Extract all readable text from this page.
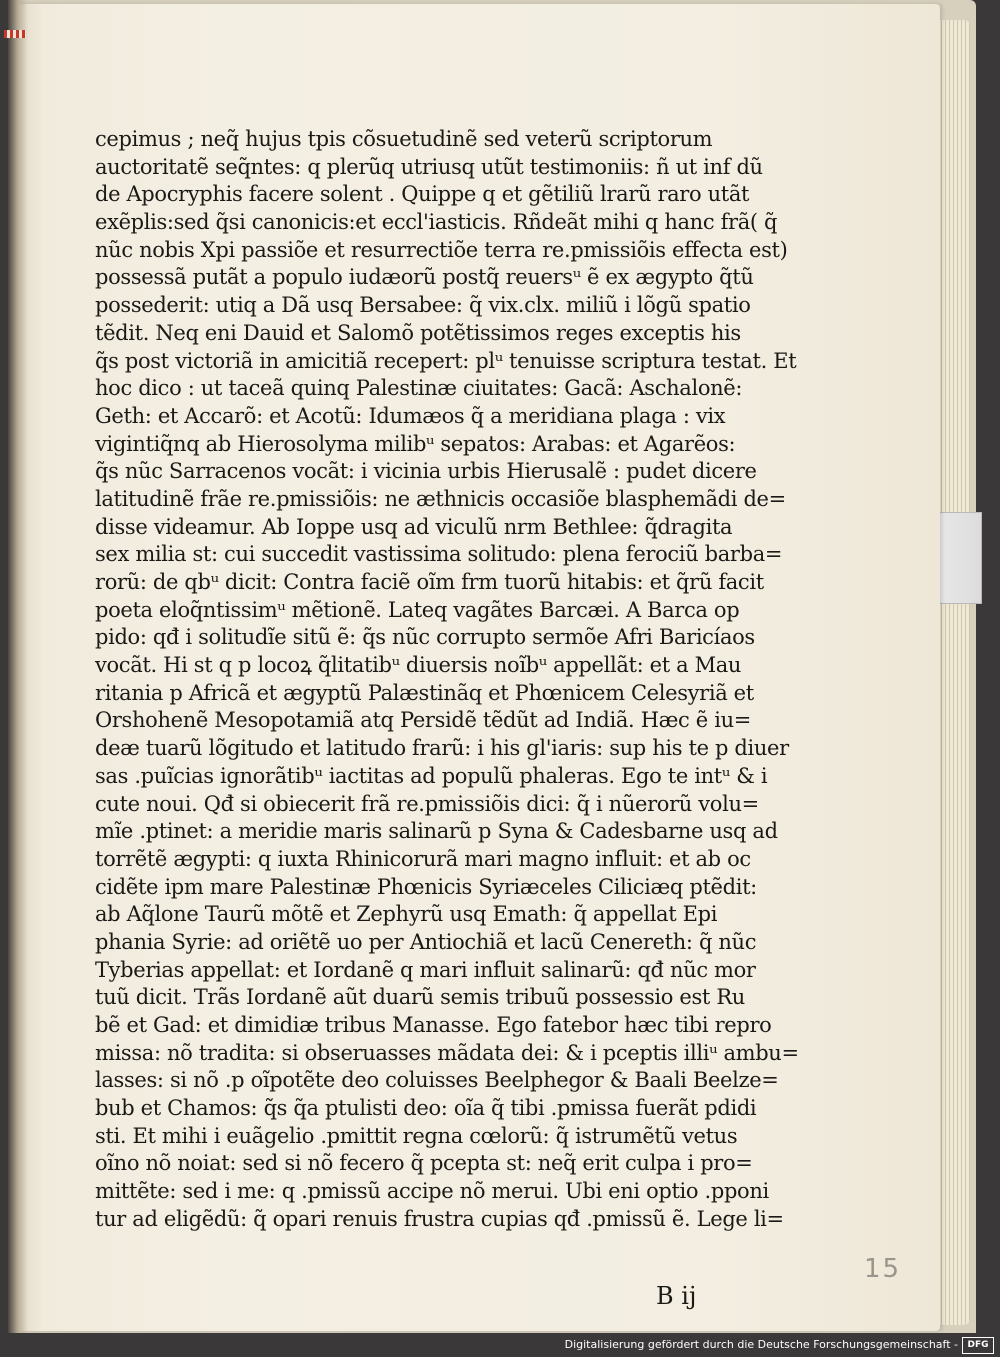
cepimus ; neq̃ hujus tpis cõsuetudinẽ sed veterũ scriptorum
auctoritatẽ seq̃ntes: q plerũq utriusq utũt testimoniis: ñ ut inf dũ
de Apocryphis facere solent . Quippe q et gẽtiliũ lrarũ raro utãt
exẽplis:sed q̃si canonicis:et eccl'iasticis. Rñdeãt mihi q hanc frã( q̃
nũc nobis Xpi passiõe et resurrectiõe terra re.pmissiõis effecta est)
possessã putãt a populo iudæorũ postq̃ reuersᵘ ẽ ex ægypto q̃tũ
possederit: utiq a Dã usq Bersabee: q̃ vix.clx. miliũ i lõgũ spatio
tẽdit. Neq eni Dauid et Salomõ potẽtissimos reges exceptis his
q̃s post victoriã in amicitiã recepert: plᵘ tenuisse scriptura testat. Et
hoc dico : ut taceã quinq Palestinæ ciuitates: Gacã: Aschalonẽ:
Geth: et Accarõ: et Acotũ: Idumæos q̃ a meridiana plaga : vix
vigintiq̃nq ab Hierosolyma milibᵘ sepatos: Arabas: et Agarẽos:
q̃s nũc Sarracenos vocãt: i vicinia urbis Hierusalẽ : pudet dicere
latitudinẽ frãe re.pmissiõis: ne æthnicis occasiõe blasphemãdi de=
disse videamur. Ab Ioppe usq ad viculũ nrm Bethlee: q̃dragita
sex milia st: cui succedit vastissima solitudo: plena ferociũ barba=
rorũ: de qbᵘ dicit: Contra faciẽ oĩm frm tuorũ hitabis: et q̃rũ facit
poeta eloq̃ntissimᵘ mẽtionẽ. Lateq vagãtes Barcæi. A Barca op
pido: qđ i solitudĩe sitũ ẽ: q̃s nũc corrupto sermõe Afri Baricíaos
vocãt. Hi st q p locoꝝ q̃litatibᵘ diuersis noĩbᵘ appellãt: et a Mau
ritania p Africã et ægyptũ Palæstinãq et Phœnicem Celesyriã et
Orshohenẽ Mesopotamiã atq Persidẽ tẽdũt ad Indiã. Hæc ẽ iu=
deæ tuarũ lõgitudo et latitudo frarũ: i his gl'iaris: sup his te p diuer
sas .puĩcias ignorãtibᵘ iactitas ad populũ phaleras. Ego te intᵘ & i
cute noui. Qđ si obiecerit frã re.pmissiõis dici: q̃ i nũerorũ volu=
mĩe .ptinet: a meridie maris salinarũ p Syna & Cadesbarne usq ad
torrẽtẽ ægypti: q iuxta Rhinicorurã mari magno influit: et ab oc
cidẽte ipm mare Palestinæ Phœnicis Syriæceles Ciliciæq ptẽdit:
ab Aq̃lone Taurũ mõtẽ et Zephyrũ usq Emath: q̃ appellat Epi
phania Syrie: ad oriẽtẽ uo per Antiochiã et lacũ Cenereth: q̃ nũc
Tyberias appellat: et Iordanẽ q mari influit salinarũ: qđ nũc mor
tuũ dicit. Trãs Iordanẽ aũt duarũ semis tribuũ possessio est Ru
bẽ et Gad: et dimidiæ tribus Manasse. Ego fatebor hæc tibi repro
missa: nõ tradita: si obseruasses mãdata dei: & i pceptis illiᵘ ambu=
lasses: si nõ .p oĩpotẽte deo coluisses Beelphegor & Baali Beelze=
bub et Chamos: q̃s q̃a ptulisti deo: oĩa q̃ tibi .pmissa fuerãt pdidi
sti. Et mihi i euãgelio .pmittit regna cœlorũ: q̃ istrumẽtũ vetus
oĩno nõ noiat: sed si nõ fecero q̃ pcepta st: neq̃ erit culpa i pro=
mittẽte: sed i me: q .pmissũ accipe nõ merui. Ubi eni optio .pponi
tur ad eligẽdũ: q̃ opari renuis frustra cupias qđ .pmissũ ẽ. Lege li=
B ij
15
Digitalisierung gefördert durch die Deutsche Forschungsgemeinschaft -	DFG
